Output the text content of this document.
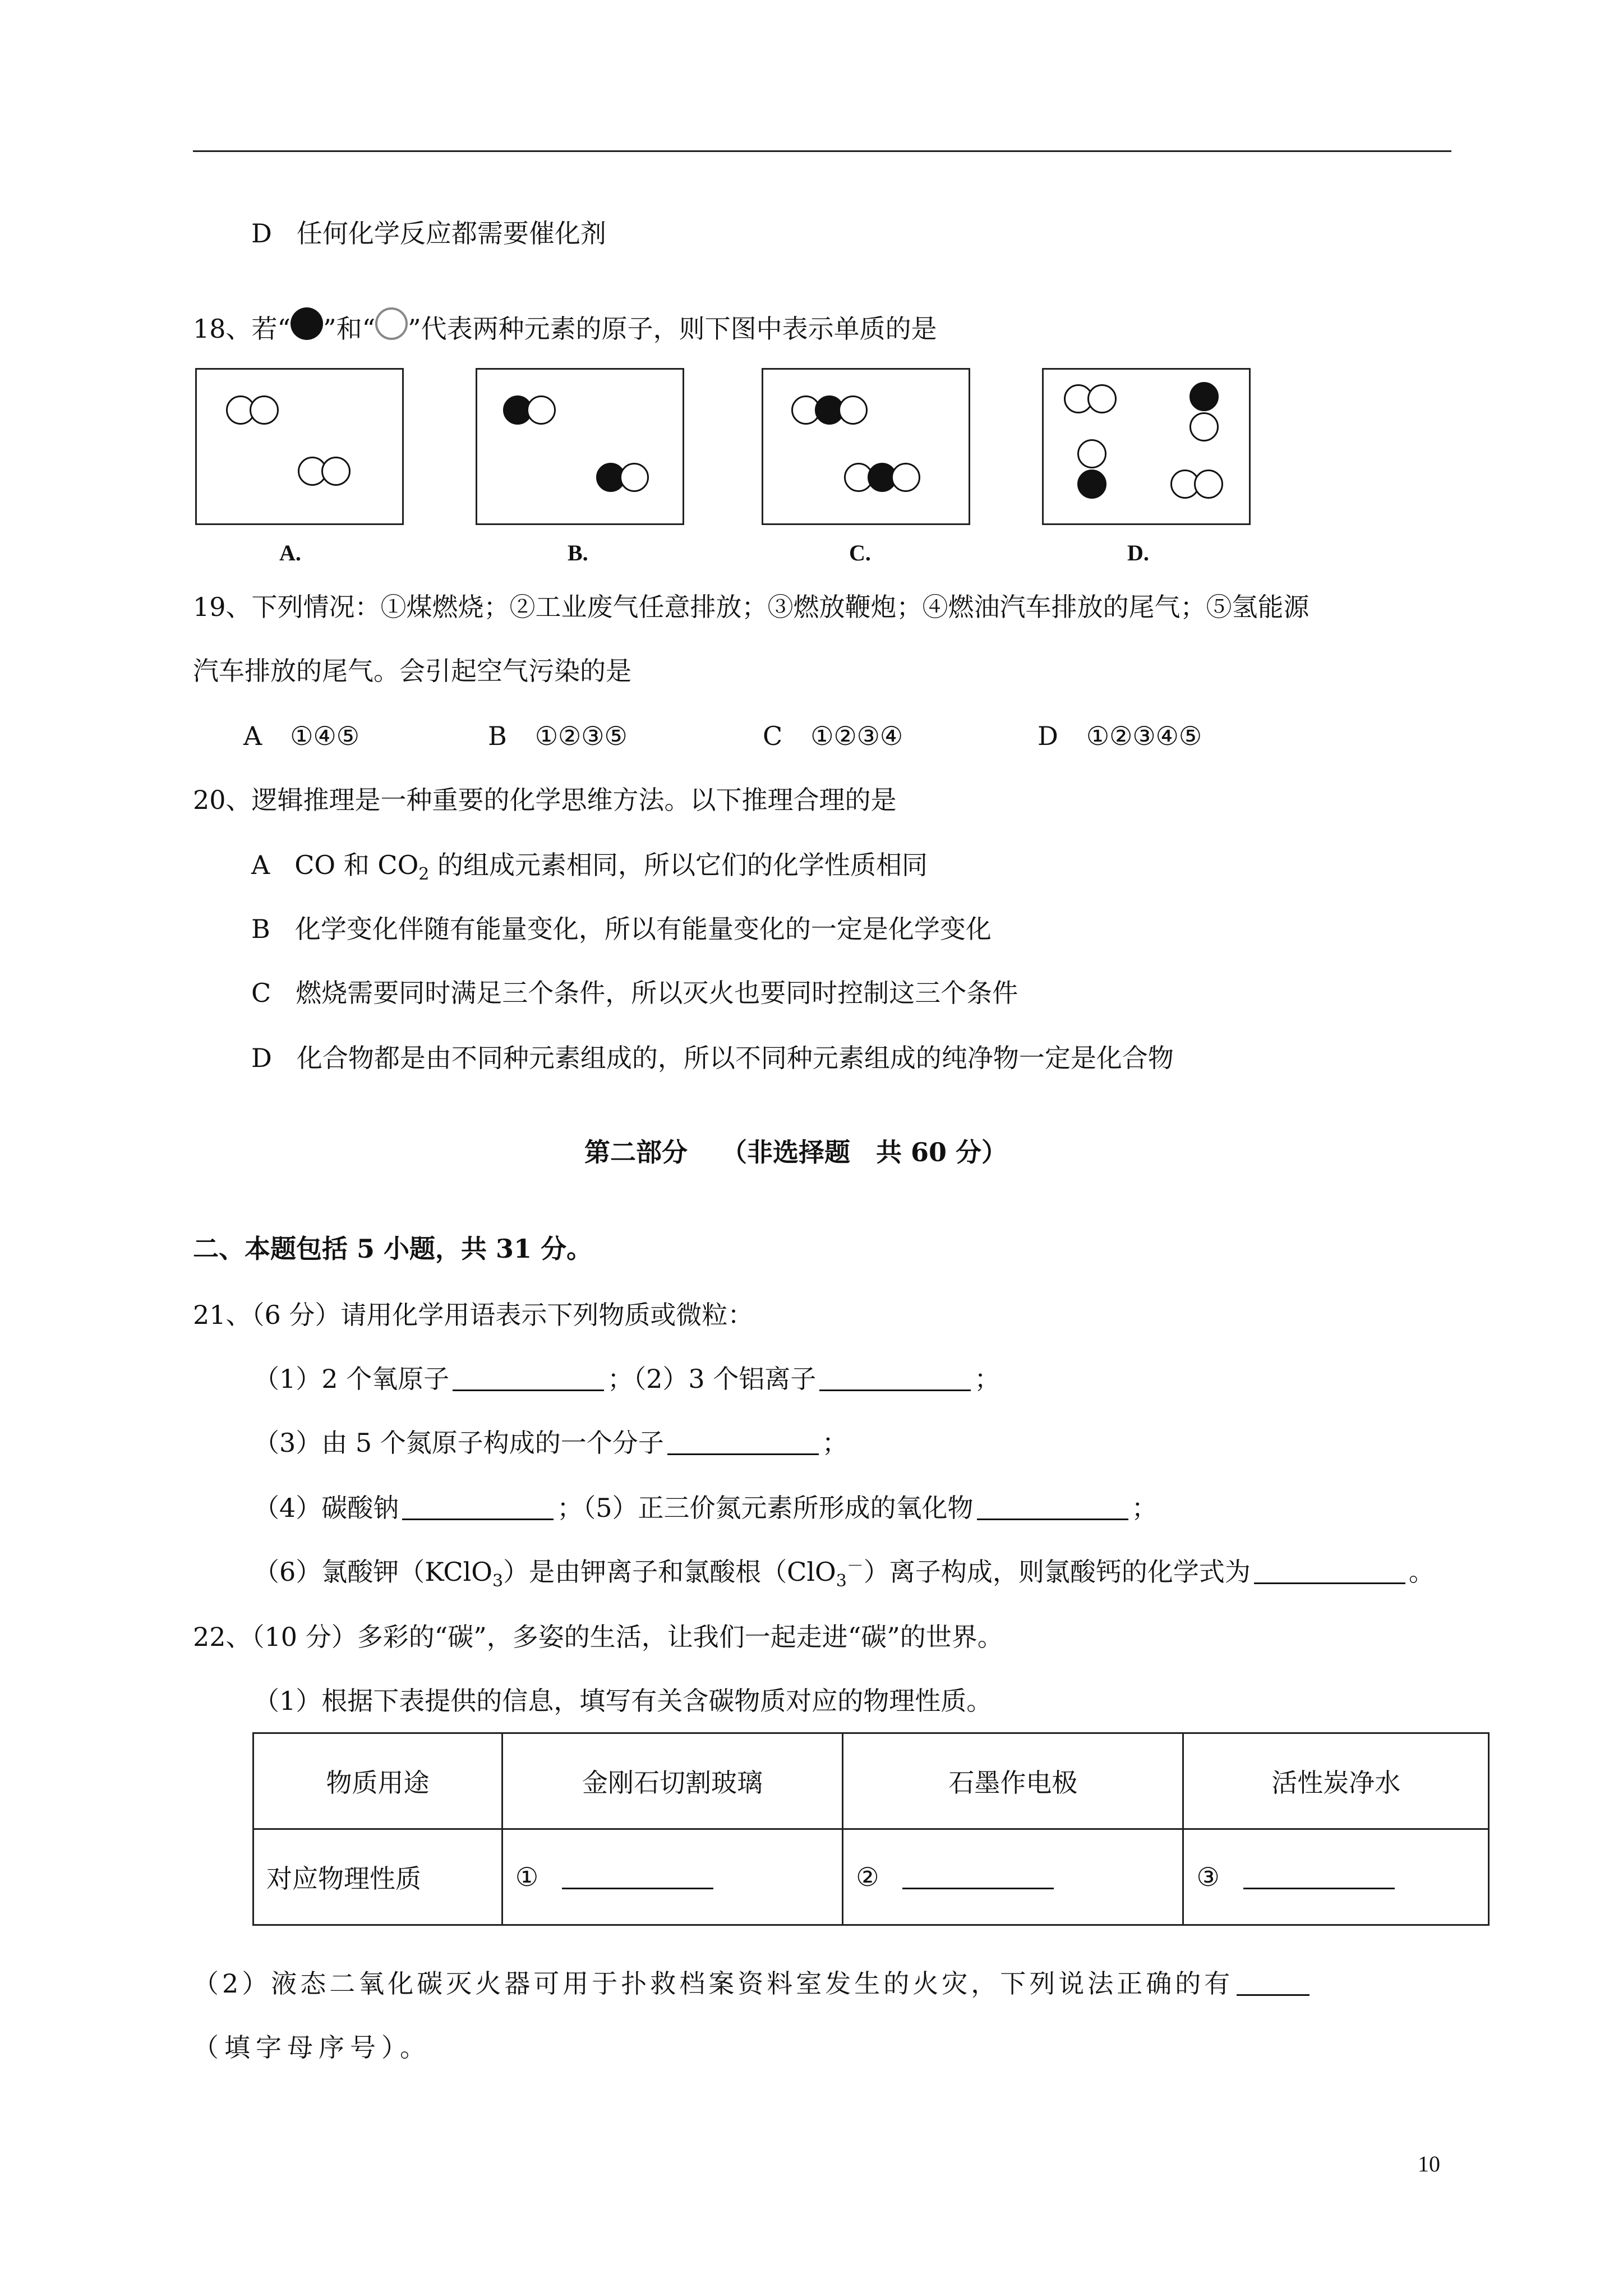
D 任何化学反应都需要催化剂
18、若“ ”和“ ”代表两种元素的原子，则下图中表示单质的是
A.	B.	C.	D.
19、下列情况：①煤燃烧；②工业废气任意排放；③燃放鞭炮；④燃油汽车排放的尾气；⑤氢能源
汽车排放的尾气。会引起空气污染的是
A ①④⑤	B ①②③⑤	C ①②③④	D ①②③④⑤
20、逻辑推理是一种重要的化学思维方法。以下推理合理的是
A CO 和 $CO_2$ 的组成元素相同，所以它们的化学性质相同
B 化学变化伴随有能量变化，所以有能量变化的一定是化学变化
C 燃烧需要同时满足三个条件，所以灭火也要同时控制这三个条件
D 化合物都是由不同种元素组成的，所以不同种元素组成的纯净物一定是化合物
第二部分 （非选择题　共 60 分）
二、本题包括 5 小题，共 31 分。
21、（6 分）请用化学用语表示下列物质或微粒：
（1）2 个氧原子	；（2）3 个铝离子	；
（3）由 5 个氮原子构成的一个分子	；
（4）碳酸钠	；（5）正三价氮元素所形成的氧化物	；
（6）氯酸钾（KClO$_3$）是由钾离子和氯酸根（ClO$_3$－）离子构成，则氯酸钙的化学式为	。
22、（10 分）多彩的“碳”，多姿的生活，让我们一起走进“碳”的世界。
（1）根据下表提供的信息，填写有关含碳物质对应的物理性质。
物质用途	金刚石切割玻璃	石墨作电极	活性炭净水
对应物理性质	①	②	③
（2）液态二氧化碳灭火器可用于扑救档案资料室发生的火灾，下列说法正确的有
（填字母序号）。
10
